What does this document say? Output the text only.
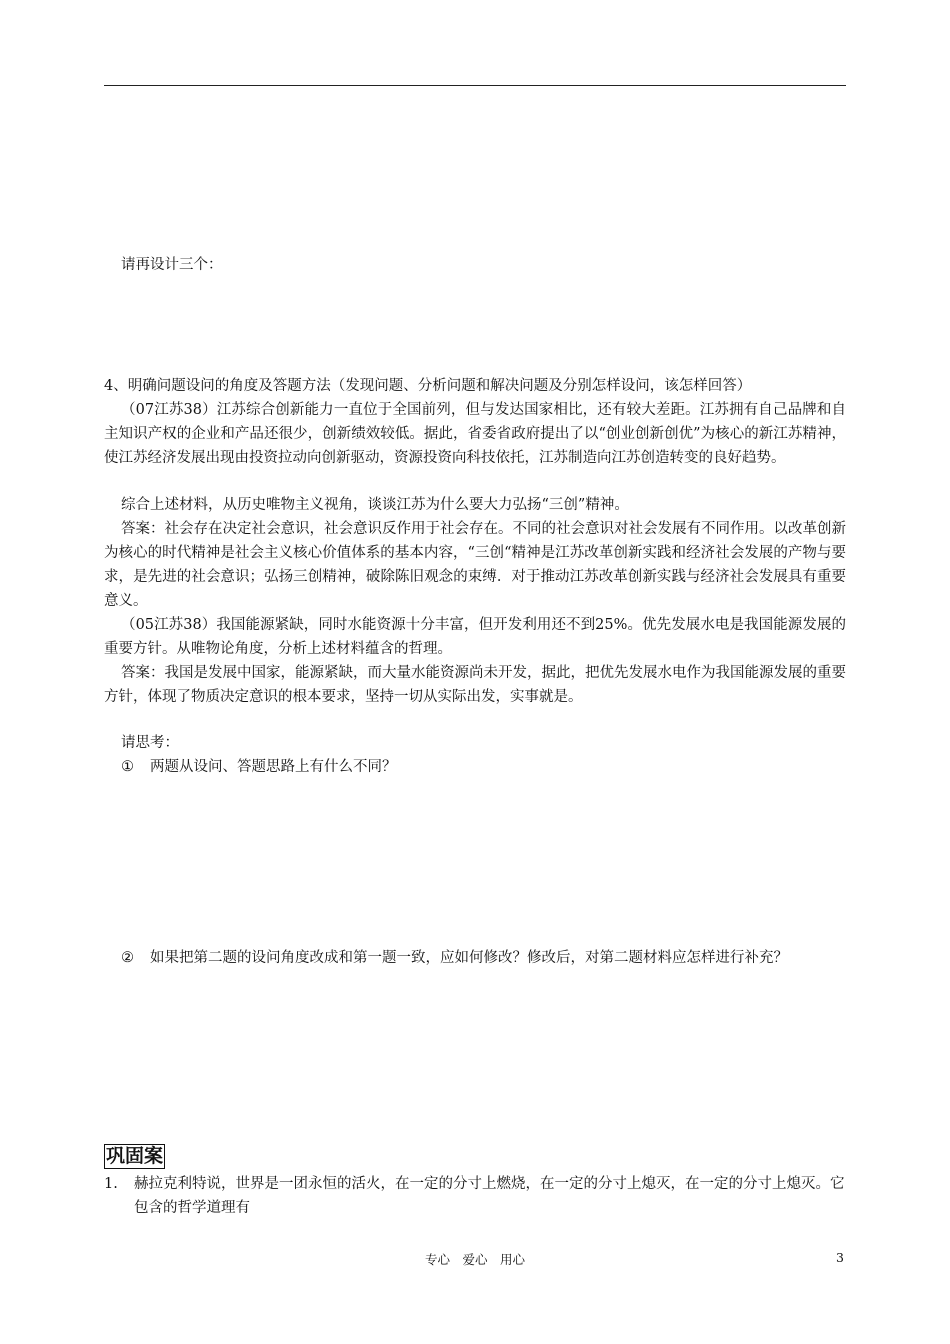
请再设计三个：

4、明确问题设问的角度及答题方法（发现问题、分析问题和解决问题及分别怎样设问，该怎样回答）

（07江苏38）江苏综合创新能力一直位于全国前列，但与发达国家相比，还有较大差距。江苏拥有自己品牌和自主知识产权的企业和产品还很少，创新绩效较低。据此，省委省政府提出了以“创业创新创优”为核心的新江苏精神，使江苏经济发展出现由投资拉动向创新驱动，资源投资向科技依托，江苏制造向江苏创造转变的良好趋势。

综合上述材料，从历史唯物主义视角，谈谈江苏为什么要大力弘扬“三创”精神。

答案：社会存在决定社会意识，社会意识反作用于社会存在。不同的社会意识对社会发展有不同作用。以改革创新为核心的时代精神是社会主义核心价值体系的基本内容，“三创“精神是江苏改革创新实践和经济社会发展的产物与要求，是先进的社会意识；弘扬三创精神，破除陈旧观念的束缚．对于推动江苏改革创新实践与经济社会发展具有重要意义。

（05江苏38）我国能源紧缺，同时水能资源十分丰富，但开发利用还不到25%。优先发展水电是我国能源发展的重要方针。从唯物论角度，分析上述材料蕴含的哲理。

答案：我国是发展中国家，能源紧缺，而大量水能资源尚未开发，据此，把优先发展水电作为我国能源发展的重要方针，体现了物质决定意识的根本要求，坚持一切从实际出发，实事就是。

请思考：

① 两题从设问、答题思路上有什么不同？
② 如果把第二题的设问角度改成和第一题一致，应如何修改？修改后，对第二题材料应怎样进行补充？
巩固案
1. 赫拉克利特说，世界是一团永恒的活火，在一定的分寸上燃烧，在一定的分寸上熄灭，在一定的分寸上熄灭。它包含的哲学道理有
专心　爱心　用心	3
